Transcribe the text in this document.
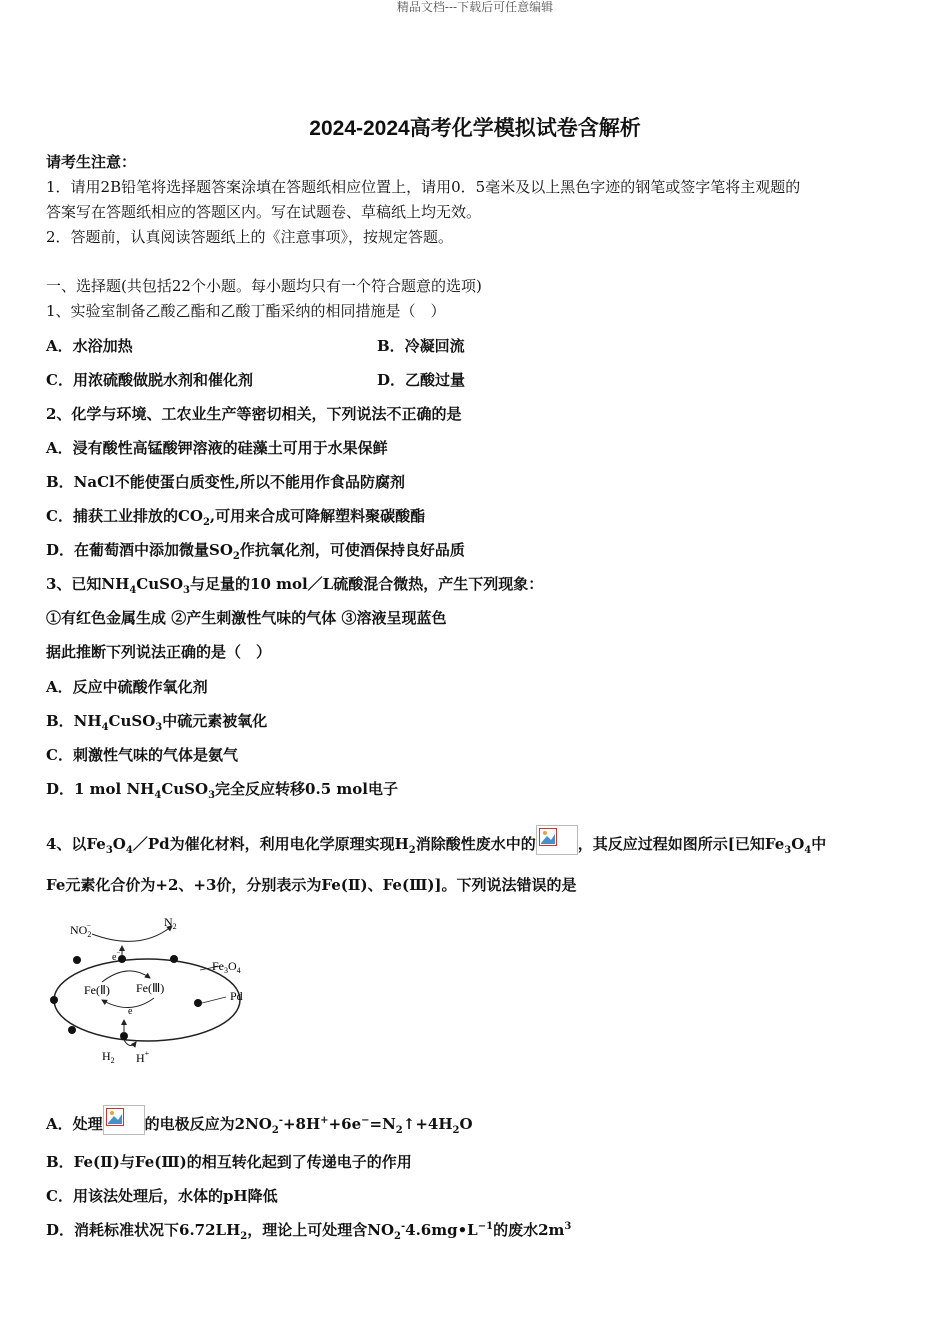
精品文档---下载后可任意编辑
2024-2024高考化学模拟试卷含解析
请考生注意：
1．请用2B铅笔将选择题答案涂填在答题纸相应位置上，请用0．5毫米及以上黑色字迹的钢笔或签字笔将主观题的
答案写在答题纸相应的答题区内。写在试题卷、草稿纸上均无效。
2．答题前，认真阅读答题纸上的《注意事项》，按规定答题。
一、选择题(共包括22个小题。每小题均只有一个符合题意的选项)
1、实验室制备乙酸乙酯和乙酸丁酯采纳的相同措施是（　）
A．水浴加热	B．冷凝回流
C．用浓硫酸做脱水剂和催化剂	D．乙酸过量
2、化学与环境、工农业生产等密切相关，下列说法不正确的是
A．浸有酸性高锰酸钾溶液的硅藻土可用于水果保鲜
B．NaCl不能使蛋白质变性,所以不能用作食品防腐剂
C．捕获工业排放的$CO_2$,可用来合成可降解塑料聚碳酸酯
D．在葡萄酒中添加微量$SO_2$作抗氧化剂，可使酒保持良好品质
3、已知$NH_4CuSO_3$与足量的10 mol／L硫酸混合微热，产生下列现象：
①有红色金属生成 ②产生刺激性气味的气体 ③溶液呈现蓝色
据此推断下列说法正确的是（　）
A．反应中硫酸作氧化剂
B．$NH_4CuSO_3$中硫元素被氧化
C．刺激性气味的气体是氨气
D．1 mol $NH_4CuSO_3$完全反应转移0.5 mol电子
4、以$Fe_3O_4/Pd$为催化材料，利用电化学原理实现$H_2$消除酸性废水中的	，其反应过程如图所示[已知$Fe_3O_4$中
Fe元素化合价为+2、+3价，分别表示为Fe(Ⅱ)、Fe(Ⅲ)]。下列说法错误的是
$NO_2-$	$N_2$
e−
$Fe_3O_4$
Fe(Ⅱ) Fe(Ⅲ)
Pd
e−
$H_2$ H+
A．处理	的电极反应为$2NO_2^-+8H^++6e^-=N_2↑+4H_2O$
B．Fe(Ⅱ)与Fe(Ⅲ)的相互转化起到了传递电子的作用
C．用该法处理后，水体的pH降低
D．消耗标准状况下$6.72LH_2$，理论上可处理含$NO_2^-4.6mg•L^{-1}$的废水$2m^3$
